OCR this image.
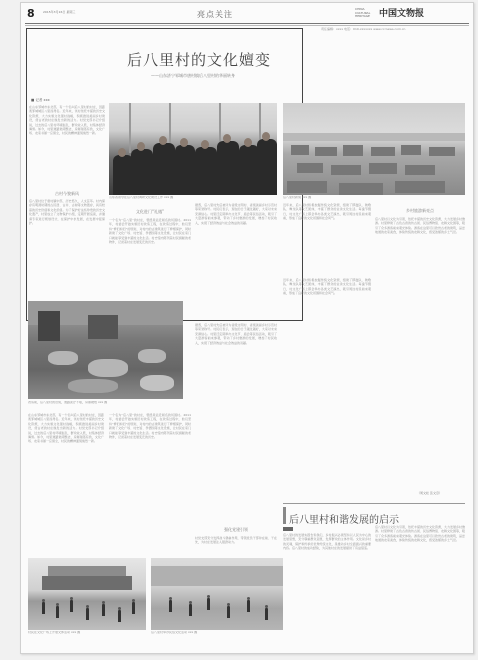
8	2015年3月16日 星期三	亮点关注
CHINA
CULTURAL
HERITAGE 中国文物报
责任编辑：xxxx 电话：010-xxxxxxx www.ccrnews.com.cn
后八里村的文化嬗变
——山东济宁邹城市唐村镇后八里村的华丽转身
■ 记者 xxx
在山东邹城市东北部，有一个名叫后八里村的村庄，因距离邹城城区八里而得名。近年来，该村依托丰富的历史文化资源，大力实施文化强村战略，积极推进美丽乡村建设，使古老的村庄焕发出新的活力。村党支部书记介绍说，过去的后八里村环境脏乱，群众收入低，村集体经济薄弱。如今，村里道路宽阔整洁，房屋错落有致，文化广场、农家书屋一应俱全，村民的精神面貌焕然一新。
古村今貌新风
后八里村位于唐村镇中部，历史悠久，人文荟萃。村内保存有明清时期的古民居、古井、古树等文物遗存，具有较高的历史价值和文化价值。为了保护好这些珍贵的历史文化遗产，村里成立了文物保护小组，定期开展巡查，并邀请专家进行规划设计，在保护中求发展，在发展中促保护。
山东省领导在后八里村调研文化建设工作 xxx 摄	后八里村新貌 xxx 摄
文化进门“礼遇”
一个名为“后八里”的村庄，曾经是远近闻名的贫困村。2011年，村委会开始实施旧村改造工程，在改造过程中，他们坚持“修旧如旧”的原则，对村内的古建筑进行了修缮保护，同时新建了文化广场、村史馆、孝德园等文化设施，让村民在家门口就能享受到丰富的文化生活。村史馆内陈列着村民捐献的老物件，记录着村庄发展变迁的历史。
据悉，后八里村先后被评为省级文明村、省级美丽乡村示范村等荣誉称号。村民们表示，现在的日子越过越好，大家对未来充满信心。村里还定期举办文化节、庙会等民俗活动，吸引了大量游客前来参观，带动了乡村旅游的发展，增加了村民收入，实现了经济效益与社会效益的双赢。
近年来，后八里村积极挖掘传统文化资源，组建了锣鼓队、秧歌队、舞龙队等文艺团体，丰富了群众的业余文化生活。每逢节假日，村文化广场上都会举办各类文艺演出，吸引周边村民前来观看，形成了良好的文化氛围和社会风气。
乡村旅游新亮点
后八里村以文化为引领，依托丰富的历史文化资源，大力发展乡村旅游。村里修建了古色古香的仿古街、民俗博物馆、农耕文化园等，吸引了众多游客前来观光体验。游客在这里可以欣赏古老的建筑，品尝地道的农家美食，体验传统的农耕文化，感受浓郁的乡土气息。
（周文松 张文章）
改造前，后八里村的旧貌，道路泥泞不堪，房屋破败 xxx 摄
在山东邹城市东北部，有一个名叫后八里村的村庄，因距离邹城城区八里而得名。近年来，该村依托丰富的历史文化资源，大力实施文化强村战略，积极推进美丽乡村建设，使古老的村庄焕发出新的活力。村党支部书记介绍说，过去的后八里村环境脏乱，群众收入低，村集体经济薄弱。如今，村里道路宽阔整洁，房屋错落有致，文化广场、农家书屋一应俱全，村民的精神面貌焕然一新。
一个名为“后八里”的村庄，曾经是远近闻名的贫困村。2011年，村委会开始实施旧村改造工程，在改造过程中，他们坚持“修旧如旧”的原则，对村内的古建筑进行了修缮保护，同时新建了文化广场、村史馆、孝德园等文化设施，让村民在家门口就能享受到丰富的文化生活。村史馆内陈列着村民捐献的老物件，记录着村庄发展变迁的历史。
据悉，后八里村先后被评为省级文明村、省级美丽乡村示范村等荣誉称号。村民们表示，现在的日子越过越好，大家对未来充满信心。村里还定期举办文化节、庙会等民俗活动，吸引了大量游客前来参观，带动了乡村旅游的发展，增加了村民收入，实现了经济效益与社会效益的双赢。
近年来，后八里村积极挖掘传统文化资源，组建了锣鼓队、秧歌队、舞龙队等文艺团体，丰富了群众的业余文化生活。每逢节假日，村文化广场上都会举办各类文艺演出，吸引周边村民前来观看，形成了良好的文化氛围和社会风气。
后八里村和谐发展的启示
后八里村的发展实践告诉我们，乡村振兴必须坚持以人民为中心的发展思想，充分尊重群众意愿，发挥群众的主体作用。文化是乡村的灵魂，保护和传承好优秀传统文化，是推动乡村全面振兴的重要内容。后八里村的成功经验，为其他村庄的发展提供了有益借鉴。
后八里村以文化为引领，依托丰富的历史文化资源，大力发展乡村旅游。村里修建了古色古香的仿古街、民俗博物馆、农耕文化园等，吸引了众多游客前来观光体验。游客在这里可以欣赏古老的建筑，品尝地道的农家美食，体验传统的农耕文化，感受浓郁的乡土气息。
强化党建引领
村党支部充分发挥战斗堡垒作用，带领党员干部冲在前、干在先，为村庄发展注入强劲动力。
村民在文化广场上开展文体活动 xxx 摄	后八里村举办民俗文化活动 xxx 摄
